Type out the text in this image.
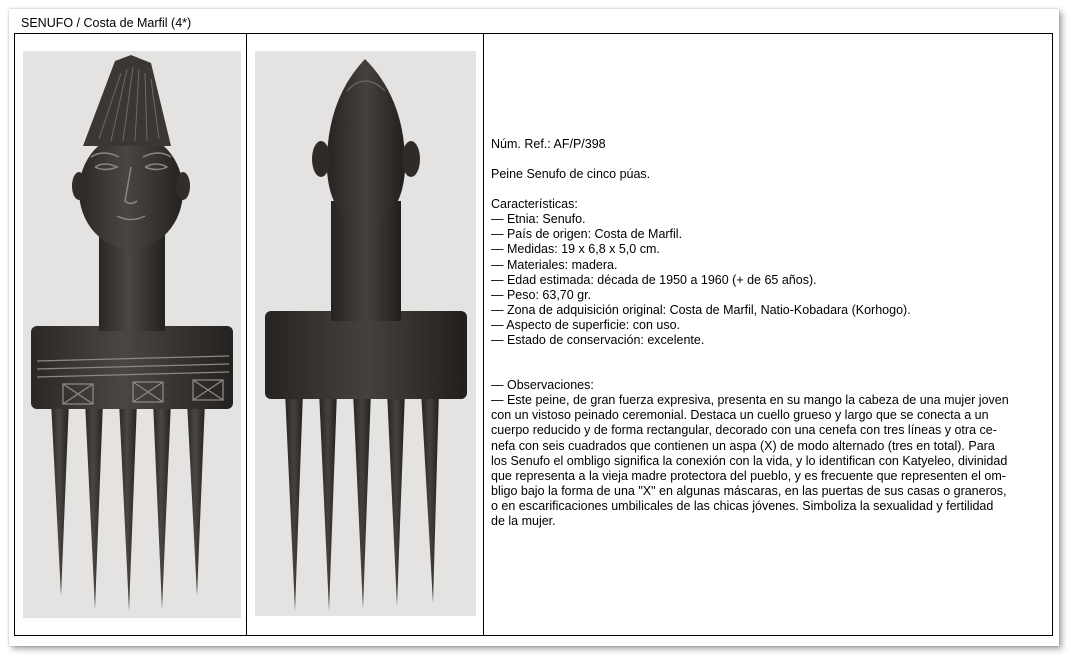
SENUFO / Costa de Marfil (4*)

Núm. Ref.: AF/P/398

Peine Senufo de cinco púas.

Características:

— Etnia: Senufo.

— País de origen: Costa de Marfil.

— Medidas: 19 x 6,8 x 5,0 cm.

— Materiales: madera.

— Edad estimada: década de 1950 a 1960 (+ de 65 años).

— Peso: 63,70 gr.

— Zona de adquisición original: Costa de Marfil, Natio-Kobadara (Korhogo).

— Aspecto de superficie: con uso.

— Estado de conservación: excelente.

— Observaciones:

— Este peine, de gran fuerza expresiva, presenta en su mango la cabeza de una mujer joven

con un vistoso peinado ceremonial. Destaca un cuello grueso y largo que se conecta a un

cuerpo reducido y de forma rectangular, decorado con una cenefa con tres líneas y otra ce-

nefa con seis cuadrados que contienen un aspa (X) de modo alternado (tres en total). Para

los Senufo el ombligo significa la conexión con la vida, y lo identifican con Katyeleo, divinidad

que representa a la vieja madre protectora del pueblo, y es frecuente que representen el om-

bligo bajo la forma de una "X" en algunas máscaras, en las puertas de sus casas o graneros,

o en escarificaciones umbilicales de las chicas jóvenes. Simboliza la sexualidad y fertilidad

de la mujer.
